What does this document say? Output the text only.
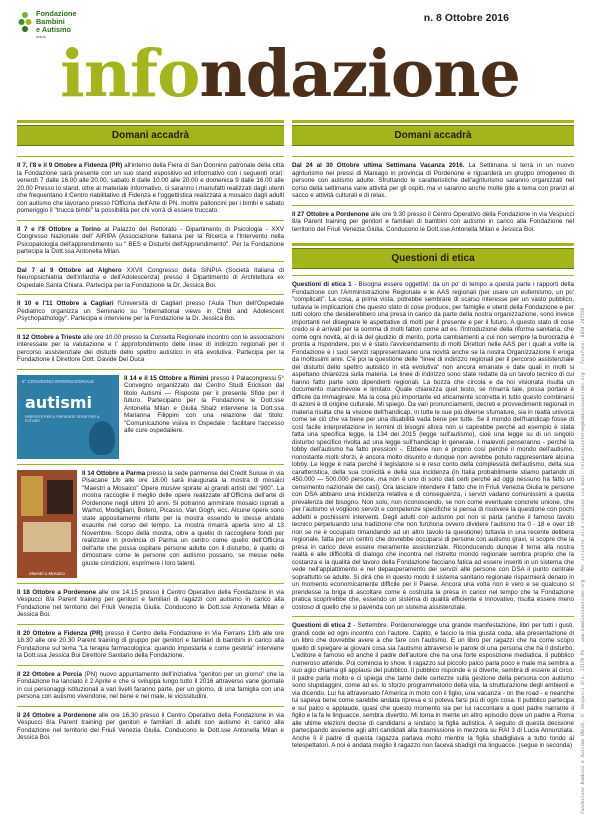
Fondazione
Bambini
e Autismo
onlus
n. 8 Ottobre 2016
infondazione
Fondazione Bambini e Autismo ONLUS, V. Vespucci 8/a, 33170 Pn - www.bambinieautismo.org - Per scrivere alla redazione via mail: relazioniesterne@bambinieautismo.org - Telefono: 0434 247550
Domani accadrà

Il 7, l'8 e il 9 Ottobre a Fidenza (PR) all'interno della Fiera di San Donnino patronale della città la Fondazione sarà presente con un suo stand espositivo ed informativo con i seguenti orari: venerdì 7 dalle 16.00 alle 20.00, sabato 8 dalle 10.00 alle 20.00 e domenica 9 dalle 16.00 alle 20.00 Presso lo stand, oltre al materiale informativo, ci saranno i manufatti realizzati dagli utenti che frequentano il Centro riabilitativo di Fidenza e l'oggettistica realizzata a mosaico dagli adulti con autismo che lavorano presso l'Officina dell'Arte di PN. Inoltre palloncini per i bimbi e sabato pomeriggio il "trucca bimbi" la possibilità per chi vorrà di essere truccato.

Il 7 e l'8 Ottobre a Torino al Palazzo del Rettorato - Dipartimento di Psicologia - XXV Congresso Nazionale dell' AIRIPA (Associazione Italiana per la Ricerca e l'Intervento nella Psicopatologia dell'apprendimento su " BES e Disturbi dell'Apprendimento". Per la Fondazione partecipa la Dott.ssa Antonella Milan.

Dal 7 al 9 Ottobre ad Alghero XXVII Congresso della SINPIA (Società Italiana di Neuropsichiatria dell'infanzia e dell'Adolescenza) presso il Dipartimento di Architettura ex Ospedale Santa Chiara. Partecipa per la Fondazione la Dr. Jessica Boi.

Il 10 e l'11 Ottobre a Cagliari l'Università di Cagliari presso l'Aula Thun dell'Ospedale Pediatrico organizza un Seminario su "International views in Child and Adolescent Psychopathology". Partecipa e interviene per la Fondazione la Dr. Jessica Boi.

Il 12 Ottobre a Trieste alle ore 10.00 presso la Consulta Regionale incontro con le associazioni interessate per la valutazione e l' approfondimento delle linee di indirizzo regionali per il percorso assistenziale dei disturbi dello spettro autistico in età evolutiva. Partecipa per la Fondazione il Direttore Dott. Davide Del Duca

5° CONVEGNO INTERNAZIONALE
autismi
RISPOSTE PER IL PRESENTE SFIDE PER IL FUTURO

Il 14 e il 15 Ottobre a Rimini presso il Palacongressi 5° Convegno organizzato dal Centro Studi Erickson dal titolo Autismi — Risposte per il presente Sfide per il futuro. Partecipano per la Fondazione le Dott.sse Antonella Milan e Giulia Sbaiz interviene la Dott.ssa Marianna Filippini con una relazione dal titolo: "Comunicazione visiva in Ospedale : facilitare l'accesso alle cure ospedaliere.

Maestri a Mosaico

Il 14 Ottobre a Parma presso la sede parmense del Credit Suisse in via Pisacane 1/b alle ore 18.00 sarà inaugurata la mostra di mosaici "Maestri a Mosaico" Opere musive spirate ai grandi artisti del '900". La mostra raccoglie il meglio delle opere realizzate all'Officina dell'arte di Pordenone negli ultimi 10 anni. Si potranno ammirare mosaici ispirati a Warhol, Modigliani, Botero, Picasso, Van Gogh, ecc. Alcune opere sono state appositamente rifatte per la mostra essendo le stesse andate esaurite nel corso del tempo. La mostra rimarrà aperta sino al 13 Novembre. Scopo della mostra, oltre a quello di raccogliere fondi per realizzare in provincia di Parma un centro come quello dell'Officina dell'arte che possa ospitare persone adulte con il disturbo, è quello di dimostrare come le persone con autismo possano, se messe nelle giuste condizioni, esprimere i loro talenti.

Il 18 Ottobre a Pordenone alle ore 14.15 presso il Centro Operativo della Fondazione in via Vespucci 8/a Parent training per genitori e familiari di ragazzi con autismo in carico alla Fondazione nel territorio del Friuli Venezia Giulia. Conducono le Dott.sse Antonella Milan e Jessica Boi.

Il 20 Ottobre a Fidenza (PR) presso il Centro della Fondazione in Via Ferraris 13/b alle ore 18.30 alle ore 20.30 Parent training di gruppo per genitori e familiari di bambini in carico alla Fondazione sul tema "La terapia farmacologica: quando impostarla e come gestirla" interviene la Dott.ssa Jessica Boi Direttore Sanitario della Fondazione.

Il 22 Ottobre a Porcia (PN) nuovo appuntamento dell'iniziativa "genitori per un giorno" che la Fondazione ha lanciato il 2 Aprile e che si sviluppa lungo tutto il 2016 attraverso varie giornate in cui personaggi istituzionali a vari livelli faranno parte, per un giorno, di una famiglia con una persona con autismo vivendone, nel bene e nel male, le vicissitudini.

Il 24 Ottobre a Pordenone alle ore 16.30 presso il Centro Operativo della Fondazione in via Vespucci 8/a Parent training per genitori e familiari di adulti con autismo in carico alla Fondazione nel territorio del Friuli Venezia Giulia. Conducono le Dott.sse Antonella Milan e Jessica Boi.

Domani accadrà

Dal 24 al 30 Ottobre ultima Settimana Vacanza 2016. La Settimana si terrà in un nuovo agriturismo nei pressi di Maniago in provincia di Pordenone e riguarderà un gruppo omogeneo di persone con autismo adulte. Sfruttando le caratteristiche dell'agriturismo saranno organizzati nel corso della settimana varie attività per gli ospiti, ma vi saranno anche molte gite a tema con pranzi al sacco e attività culturali e di relax.

Il 27 Ottobre a Pordenone alle ore 9.30 presso il Centro Operativo della Fondazione in via Vespucci 8/a Parent training per genitori e familiari di bambini con autismo in carico alla Fondazione nel territorio del Friuli Venezia Giulia. Conducono le Dott.sse Antonella Milan e Jessica Boi.

Questioni di etica

Questioni di etica 1 - Bisogna essere oggettivi: da un po' di tempo a questa parte i rapporti della Fondazione con l'Amministrazione Regionale e le AAS regionali (per usare un eufemismo, un po' "complicati". La cosa, a prima vista, potrebbe sembrare di scarso interesse per un vasto pubblico, tuttavia le implicazioni che questo stato di cose produce, per famiglie e utenti della Fondazione e per tutti coloro che desiderebbero una presa in carico da parte della nostra organizzazione, sono invece importanti nel disegnare le aspettative di molti per il presente e per il futuro. A questo stato di cose credo si è arrivati per la somma di molti fattori come ad es. l'introduzione della riforma sanitaria, che come ogni novità, al di là del giudizio di merito, porta cambiamenti a cui non sempre la burocrazia è pronta a rispondere, poi vi è stato l'avvicendamento di molti Direttori nelle AAS per i quali a volte la Fondazione e i suoi servizi rappresentavano una novità anche se la nostra Organizzazione li eroga da moltissimi anni. C'è poi la questione delle "linee di indirizzo regionali per il percorso assistenziale dei disturbi dello spettro autistico in età evolutiva" non ancora emanate e date quali in molti si aspettano chiarezza sulla materia. Le linee di indirizzo sono state redatte da un tavolo tecnico di cui hanno fatto parte solo dipendenti regionali. La bozza che circola e da noi visionata risulta un documento manchevole e limitato. Quale chiarezza quel testo, se rimarrà tale, possa portare è difficile da immaginare. Ma la cosa più importante ed eticamente scorretta in tutto questo combinarsi di azioni è di origine culturale. Mi spiego. Da vari pronunciamenti, decreti e provvedimenti regionali in materia risulta che la visione dell'handicap, in tutte le sue più diverse sfumature, sia in realtà univoca come se ciò che va bene per una disabilità vada bene per tutte. Se il mondo dell'handicap fosse di così facile interpretazione in termini di bisogni allora non si capirebbe perché ad esempio è stata fatta una specifica legge, la 134 del 2015 (legge sull'autismo), cioè una legge su di un singolo disturbo specifico rivolta ad una legge sull'handicap in generale. I malevoli penseranno - perché la lobby dell'autismo ha fatto pressioni -. Ebbene non è proprio così perché il mondo dell'autismo, nonostante molti sforzi, è ancora molto disunito e dunque non avrebbe potuto rappresentare alcuna lobby. Le legge è nata perché il legislatore si è reso conto della complessità dell'autismo, della sua caratteristica, della sua cronicità e della sua incidenza (in Italia probabilmente stiamo parlando di 450.000 — 500.000 persone, ma non è uno di sono dati certi perché ad oggi nessuno ha fatto un censimento nazionale dei casi). Ora lasciare intendere il fatto che in Friuli Venezia Giulia le persone con DSA abbiano una incidenza relativa e di conseguenza, i servizi vadano comunissimi a questa prevalenza del bisogno. Non solo, non riconoscendo, se non come eventuale concrete unione, che per l'autismo vi vogliono servizi e competenze specifiche si pensa di risolvere la questione con pochi addetti e pochissimi interventi. Degli adulti con autismo poi non si parla (anche il famoso tavolo tecnico perpetuando una tradizione che non funziona ovvero dividere l'autismo tra 0 - 18 e over 18 non se ne è occupato rimandando ad un altro tavolo la questione) tuttavia in una recente delibera regionale, fatta per un centro che dovrebbe occuparsi di persone con autismo gravi, si scopre che la presa in carico deve essere meramente assistenziale. Riconducendo dunque il tema alla nostra realtà e alle difficoltà di dialogo che incontra nel ristretto mondo regionale sembra proprio che la costanza e la qualità del lavoro della Fondazione facciano fatica ad essere inseriti in un sistema che vede nell'appiattimento e nel depauperamento dei servizi alle persone con DSA il punto centrale soprattutto se adulte. Si dirà che in questo modo il sistema sanitario regionale risparmierà denaro in un momento economicamente difficile per il Paese. Ancora una volta non è vero e se qualcuno si prendesse la briga di ascoltare come è costruita la presa in carico nel tempo che la Fondazione pratica scoprirebbe che, essendo un sistema di qualità efficiente e innovativo, risulta essere meno costoso di quello che si pavenda con un sistema assistenziale.

Questioni di etica 2 - Settembre. Pordenonelegge una grande manifestazione, libri per tutti i gusti, grandi code ed ogni incontro con l'autore. Capito, e faccio la mia giusta coda, alla presentazione di un libro che dovrebbe avere a che fare con l'autismo. E un libro per ragazzi che ha come scopo quello di spiegare ai giovani cosa sia l'autismo attraverso le parole di una persona che ha il disturbo. L'editore è famoso ed anche il padre dell'autore che ha una forte esposizione mediatica. Il pubblico numeroso attende. Poi comincia lo show. Il ragazzo sul piccolo palco parla poco e male ma sembra a suo agio chiama gli applausi del pubblico. Il pubblico risponde e si diverte, sembra di essere al circo. Il padre parla molto e ci spiega che tante delle certezze sulla gestione della persona con autismo sono stupidaggini, come ad es. lo sforzo programmatorio della vita, la strutturazione degli ambienti e via dicendo. Lui ha attraversato l'America in moto con il figlio, una vacanza - on the road - e neanche lui sapeva bene come sarebbe andata ripresa e si poteva farsi più di ogni cosa. Il pubblico partecipa e sul palco e applaude, quasi che questo momento sia per lui raccontare a quel padre narrante il figlio e la fa le linguacce, sembra divertito. Mi torna in mente un altro episodio dove un padre a Roma alle ultime elezioni decise di candidarsi a sindaco la figlia autistica. A seguito di questa decisione partecipando assieme agli altri candidati alla trasmissione in mezzora su RAI 3 di Lucia Annunziata. Anche lì il padre di questa ragazza parlava molto mentre la figlia sbadigliava a tutto tondo ai telespettatori. A noi è andata meglio il ragazzo non faceva sbadigli ma linguacce. (segue in seconda)
